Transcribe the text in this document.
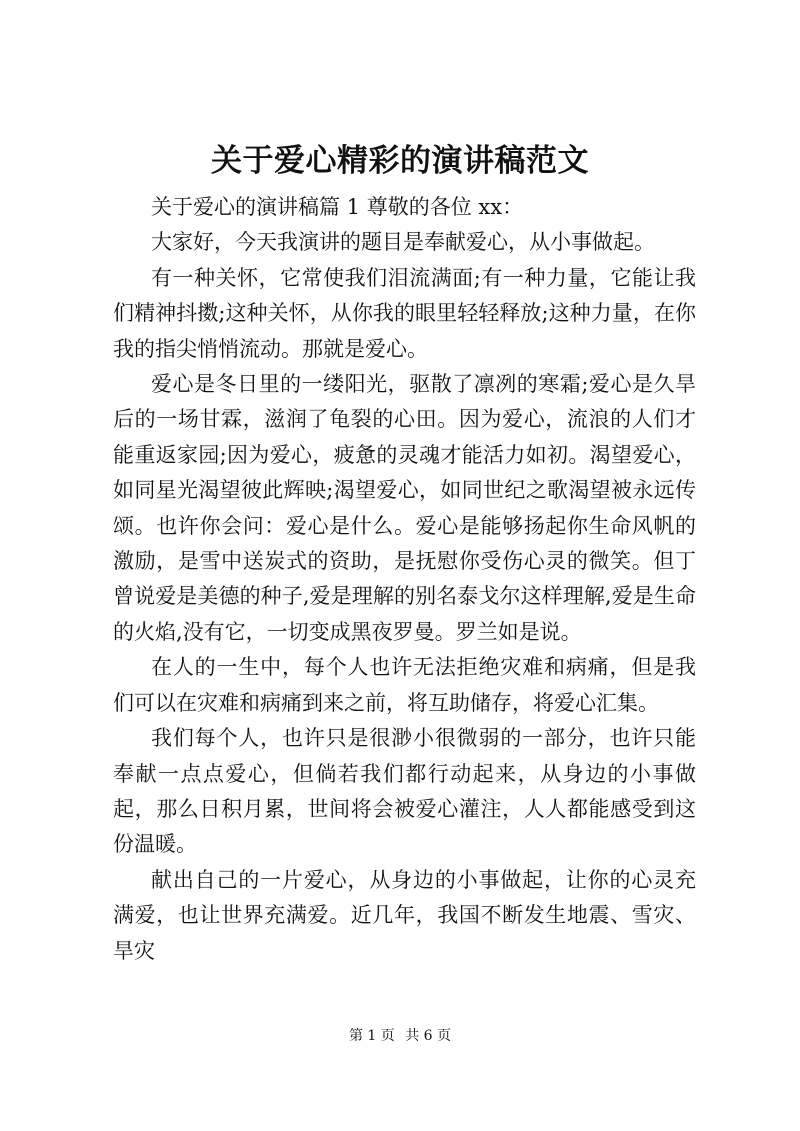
关于爱心精彩的演讲稿范文

关于爱心的演讲稿篇 1 尊敬的各位 xx：

大家好，今天我演讲的题目是奉献爱心，从小事做起。

有一种关怀，它常使我们泪流满面;有一种力量，它能让我们精神抖擞;这种关怀，从你我的眼里轻轻释放;这种力量，在你我的指尖悄悄流动。那就是爱心。

爱心是冬日里的一缕阳光，驱散了凛冽的寒霜;爱心是久旱后的一场甘霖，滋润了龟裂的心田。因为爱心，流浪的人们才能重返家园;因为爱心，疲惫的灵魂才能活力如初。渴望爱心，如同星光渴望彼此辉映;渴望爱心，如同世纪之歌渴望被永远传颂。也许你会问：爱心是什么。爱心是能够扬起你生命风帆的激励，是雪中送炭式的资助，是抚慰你受伤心灵的微笑。但丁曾说爱是美德的种子,爱是理解的别名泰戈尔这样理解,爱是生命的火焰,没有它，一切变成黑夜罗曼。罗兰如是说。

在人的一生中，每个人也许无法拒绝灾难和病痛，但是我们可以在灾难和病痛到来之前，将互助储存，将爱心汇集。

我们每个人，也许只是很渺小很微弱的一部分，也许只能奉献一点点爱心，但倘若我们都行动起来，从身边的小事做起，那么日积月累，世间将会被爱心灌注，人人都能感受到这份温暖。

献出自己的一片爱心，从身边的小事做起，让你的心灵充满爱，也让世界充满爱。近几年，我国不断发生地震、雪灾、旱灾

第 1 页 共 6 页
